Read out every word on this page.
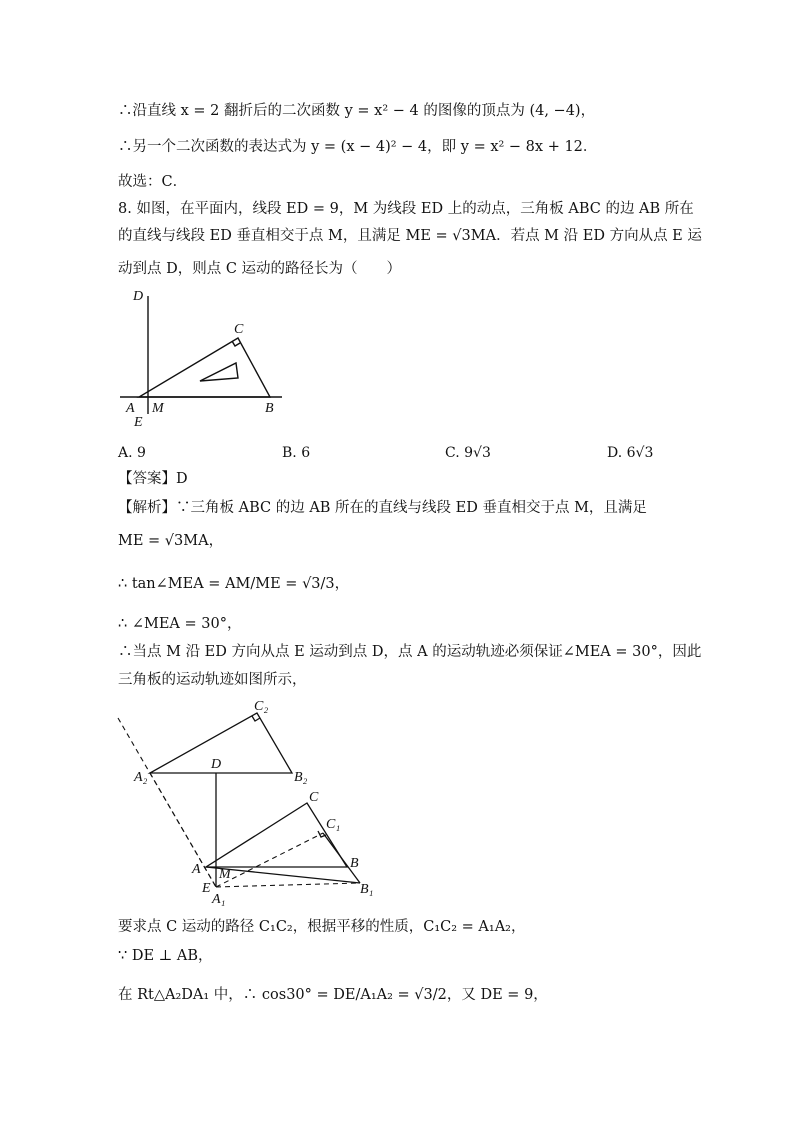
∴沿直线 x = 2 翻折后的二次函数 y = x² − 4 的图像的顶点为 (4, −4)，
∴另一个二次函数的表达式为 y = (x − 4)² − 4，即 y = x² − 8x + 12．
故选：C．
8. 如图，在平面内，线段 ED = 9，M 为线段 ED 上的动点，三角板 ABC 的边 AB 所在
的直线与线段 ED 垂直相交于点 M，且满足 ME = √3MA．若点 M 沿 ED 方向从点 E 运
动到点 D，则点 C 运动的路径长为（　　）
D
C
A M	B
E
A. 9	B. 6	C. 9√3	D. 6√3
【答案】D
【解析】∵三角板 ABC 的边 AB 所在的直线与线段 ED 垂直相交于点 M，且满足
ME = √3MA，
∴ tan∠MEA = AM/ME = √3/3，
∴ ∠MEA = 30°，
∴当点 M 沿 ED 方向从点 E 运动到点 D，点 A 的运动轨迹必须保证∠MEA = 30°，因此
三角板的运动轨迹如图所示，
C₂
A₂
D
B₂
C
C₁
B
A M
E
A₁
B₁
要求点 C 运动的路径 C₁C₂，根据平移的性质，C₁C₂ = A₁A₂，
∵ DE ⊥ AB，
在 Rt△A₂DA₁ 中，∴ cos30° = DE/A₁A₂ = √3/2，又 DE = 9，
